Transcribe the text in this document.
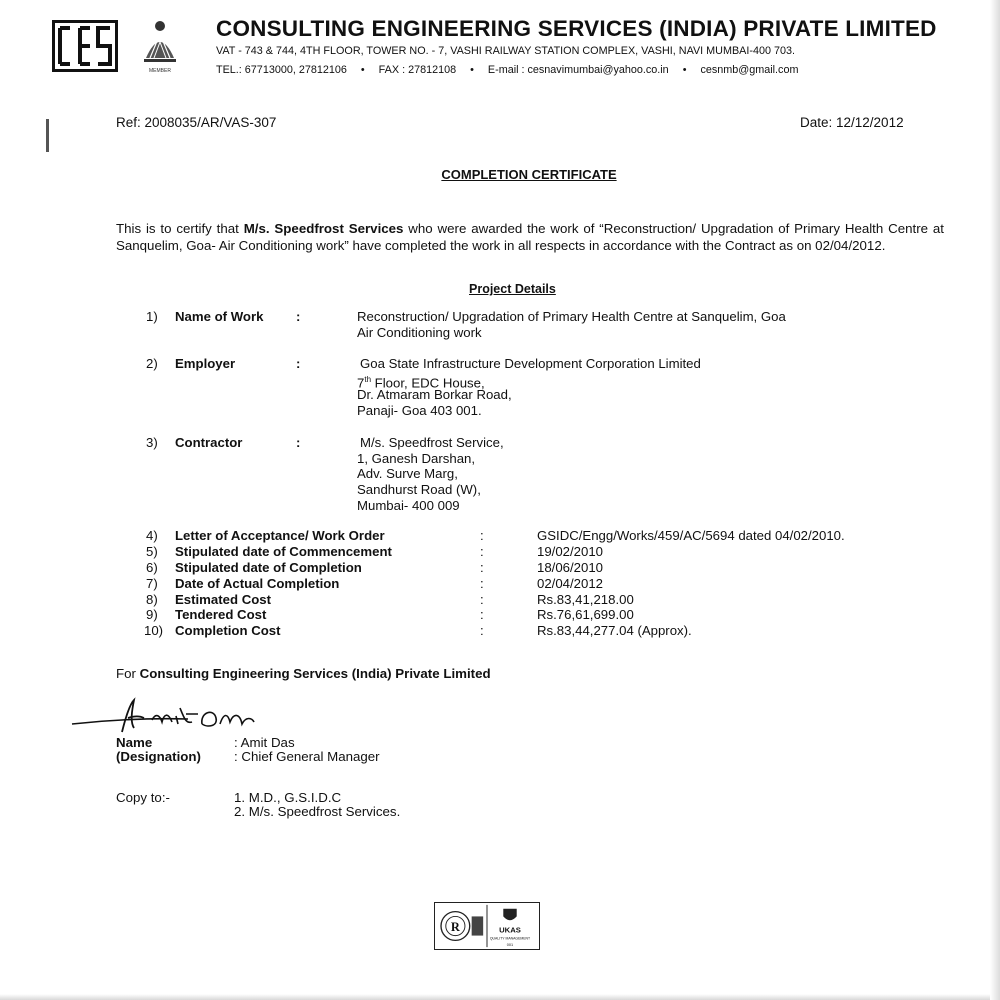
MEMBER
CONSULTING ENGINEERING SERVICES (INDIA) PRIVATE LIMITED
VAT - 743 & 744, 4TH FLOOR, TOWER NO. - 7, VASHI RAILWAY STATION COMPLEX, VASHI, NAVI MUMBAI-400 703.
TEL.: 67713000, 27812106 • FAX : 27812108 • E-mail : cesnavimumbai@yahoo.co.in • cesnmb@gmail.com
Ref: 2008035/AR/VAS-307	Date: 12/12/2012
COMPLETION CERTIFICATE

This is to certify that M/s. Speedfrost Services who were awarded the work of “Reconstruction/ Upgradation of Primary Health Centre at Sanquelim, Goa- Air Conditioning work” have completed the work in all respects in accordance with the Contract as on 02/04/2012.

Project Details
1) Name of Work :	Reconstruction/ Upgradation of Primary Health Centre at Sanquelim, Goa
Air Conditioning work
2) Employer	:	Goa State Infrastructure Development Corporation Limited
7th Floor, EDC House,
Dr. Atmaram Borkar Road,
Panaji- Goa 403 001.
3) Contractor	:	M/s. Speedfrost Service,
1, Ganesh Darshan,
Adv. Surve Marg,
Sandhurst Road (W),
Mumbai- 400 009
4) Letter of Acceptance/ Work Order	:	GSIDC/Engg/Works/459/AC/5694 dated 04/02/2010.
5) Stipulated date of Commencement	:	19/02/2010
6) Stipulated date of Completion	:	18/06/2010
7) Date of Actual Completion	:	02/04/2012
8) Estimated Cost	:	Rs.83,41,218.00
9) Tendered Cost	:	Rs.76,61,699.00
10) Completion Cost	:	Rs.83,44,277.04 (Approx).
For Consulting Engineering Services (India) Private Limited
Name	: Amit Das
(Designation) : Chief General Manager
Copy to:-	1. M.D., G.S.I.D.C
2. M/s. Speedfrost Services.
R	UKAS
QUALITY MANAGEMENT
001
